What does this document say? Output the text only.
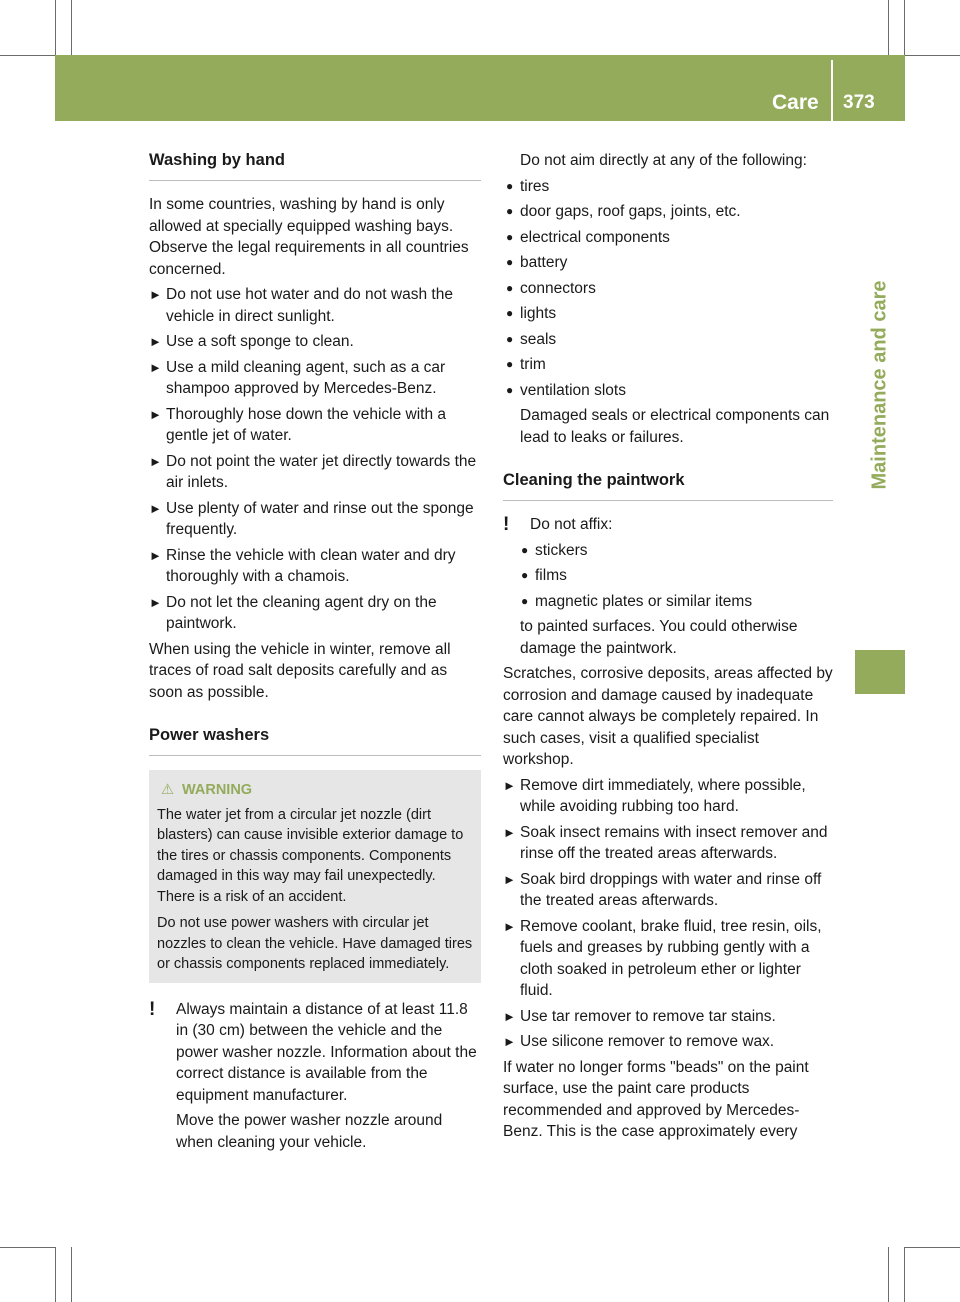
Care 373
Maintenance and care
Washing by hand

In some countries, washing by hand is only allowed at specially equipped washing bays. Observe the legal requirements in all countries concerned.

► Do not use hot water and do not wash the vehicle in direct sunlight.
► Use a soft sponge to clean.
► Use a mild cleaning agent, such as a car shampoo approved by Mercedes-Benz.
► Thoroughly hose down the vehicle with a gentle jet of water.
► Do not point the water jet directly towards the air inlets.
► Use plenty of water and rinse out the sponge frequently.
► Rinse the vehicle with clean water and dry thoroughly with a chamois.
► Do not let the cleaning agent dry on the paintwork.

When using the vehicle in winter, remove all traces of road salt deposits carefully and as soon as possible.

Power washers
⚠ WARNING

The water jet from a circular jet nozzle (dirt blasters) can cause invisible exterior damage to the tires or chassis components. Components damaged in this way may fail unexpectedly. There is a risk of an accident.

Do not use power washers with circular jet nozzles to clean the vehicle. Have damaged tires or chassis components replaced immediately.

! Always maintain a distance of at least 11.8 in (30 cm) between the vehicle and the power washer nozzle. Information about the correct distance is available from the equipment manufacturer.

Move the power washer nozzle around when cleaning your vehicle.

Do not aim directly at any of the following:

● tires
● door gaps, roof gaps, joints, etc.
● electrical components
● battery
● connectors
● lights
● seals
● trim
● ventilation slots

Damaged seals or electrical components can lead to leaks or failures.

Cleaning the paintwork
! Do not affix:
● stickers
● films
● magnetic plates or similar items

to painted surfaces. You could otherwise damage the paintwork.

Scratches, corrosive deposits, areas affected by corrosion and damage caused by inadequate care cannot always be completely repaired. In such cases, visit a qualified specialist workshop.

► Remove dirt immediately, where possible, while avoiding rubbing too hard.
► Soak insect remains with insect remover and rinse off the treated areas afterwards.
► Soak bird droppings with water and rinse off the treated areas afterwards.
► Remove coolant, brake fluid, tree resin, oils, fuels and greases by rubbing gently with a cloth soaked in petroleum ether or lighter fluid.
► Use tar remover to remove tar stains.
► Use silicone remover to remove wax.

If water no longer forms "beads" on the paint surface, use the paint care products recommended and approved by Mercedes-Benz. This is the case approximately every
